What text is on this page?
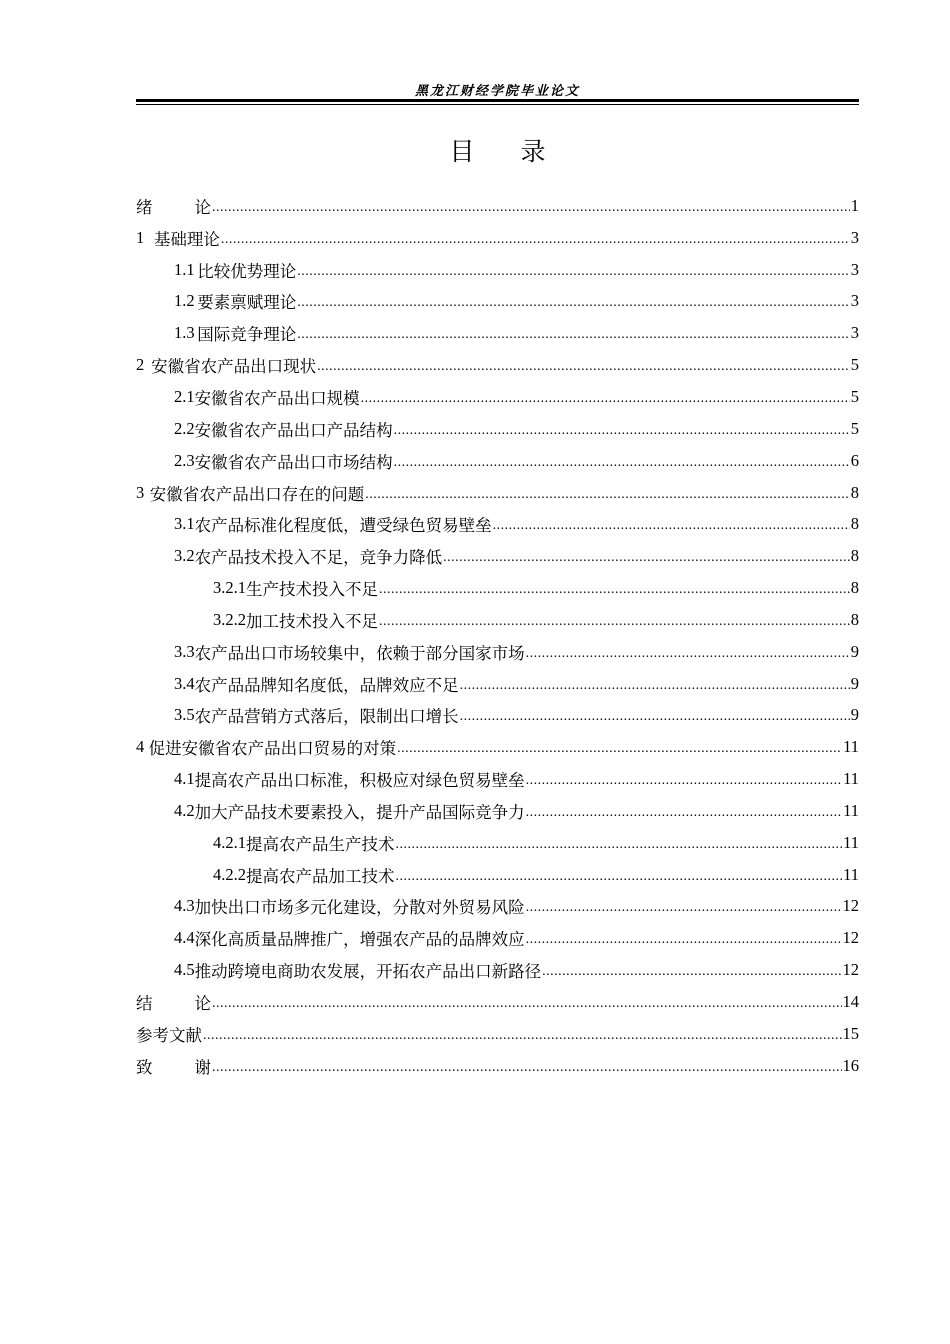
黑龙江财经学院毕业论文
目 录
绪	论 .....	1
1 基础理论 .....	3
1.1 比较优势理论 .....	3
1.2 要素禀赋理论 .....	3
1.3 国际竞争理论 .....	3
2 安徽省农产品出口现状 .....	5
2.1 安徽省农产品出口规模 .....	5
2.2 安徽省农产品出口产品结构 .....	5
2.3 安徽省农产品出口市场结构 .....	6
3 安徽省农产品出口存在的问题 .....	8
3.1 农产品标准化程度低，遭受绿色贸易壁垒 .....	8
3.2 农产品技术投入不足，竞争力降低 .....	8
3.2.1 生产技术投入不足 .....	8
3.2.2 加工技术投入不足 .....	8
3.3 农产品出口市场较集中，依赖于部分国家市场 .....	9
3.4 农产品品牌知名度低，品牌效应不足 .....	9
3.5 农产品营销方式落后，限制出口增长 .....	9
4 促进安徽省农产品出口贸易的对策 .....	11
4.1 提高农产品出口标准，积极应对绿色贸易壁垒 .....	11
4.2 加大产品技术要素投入，提升产品国际竞争力 .....	11
4.2.1 提高农产品生产技术 .....	11
4.2.2 提高农产品加工技术 .....	11
4.3 加快出口市场多元化建设，分散对外贸易风险 .....	12
4.4 深化高质量品牌推广，增强农产品的品牌效应 .....	12
4.5 推动跨境电商助农发展，开拓农产品出口新路径 .....	12
结	论 .....	14
参考文献 .....	15
致	谢 .....	16
